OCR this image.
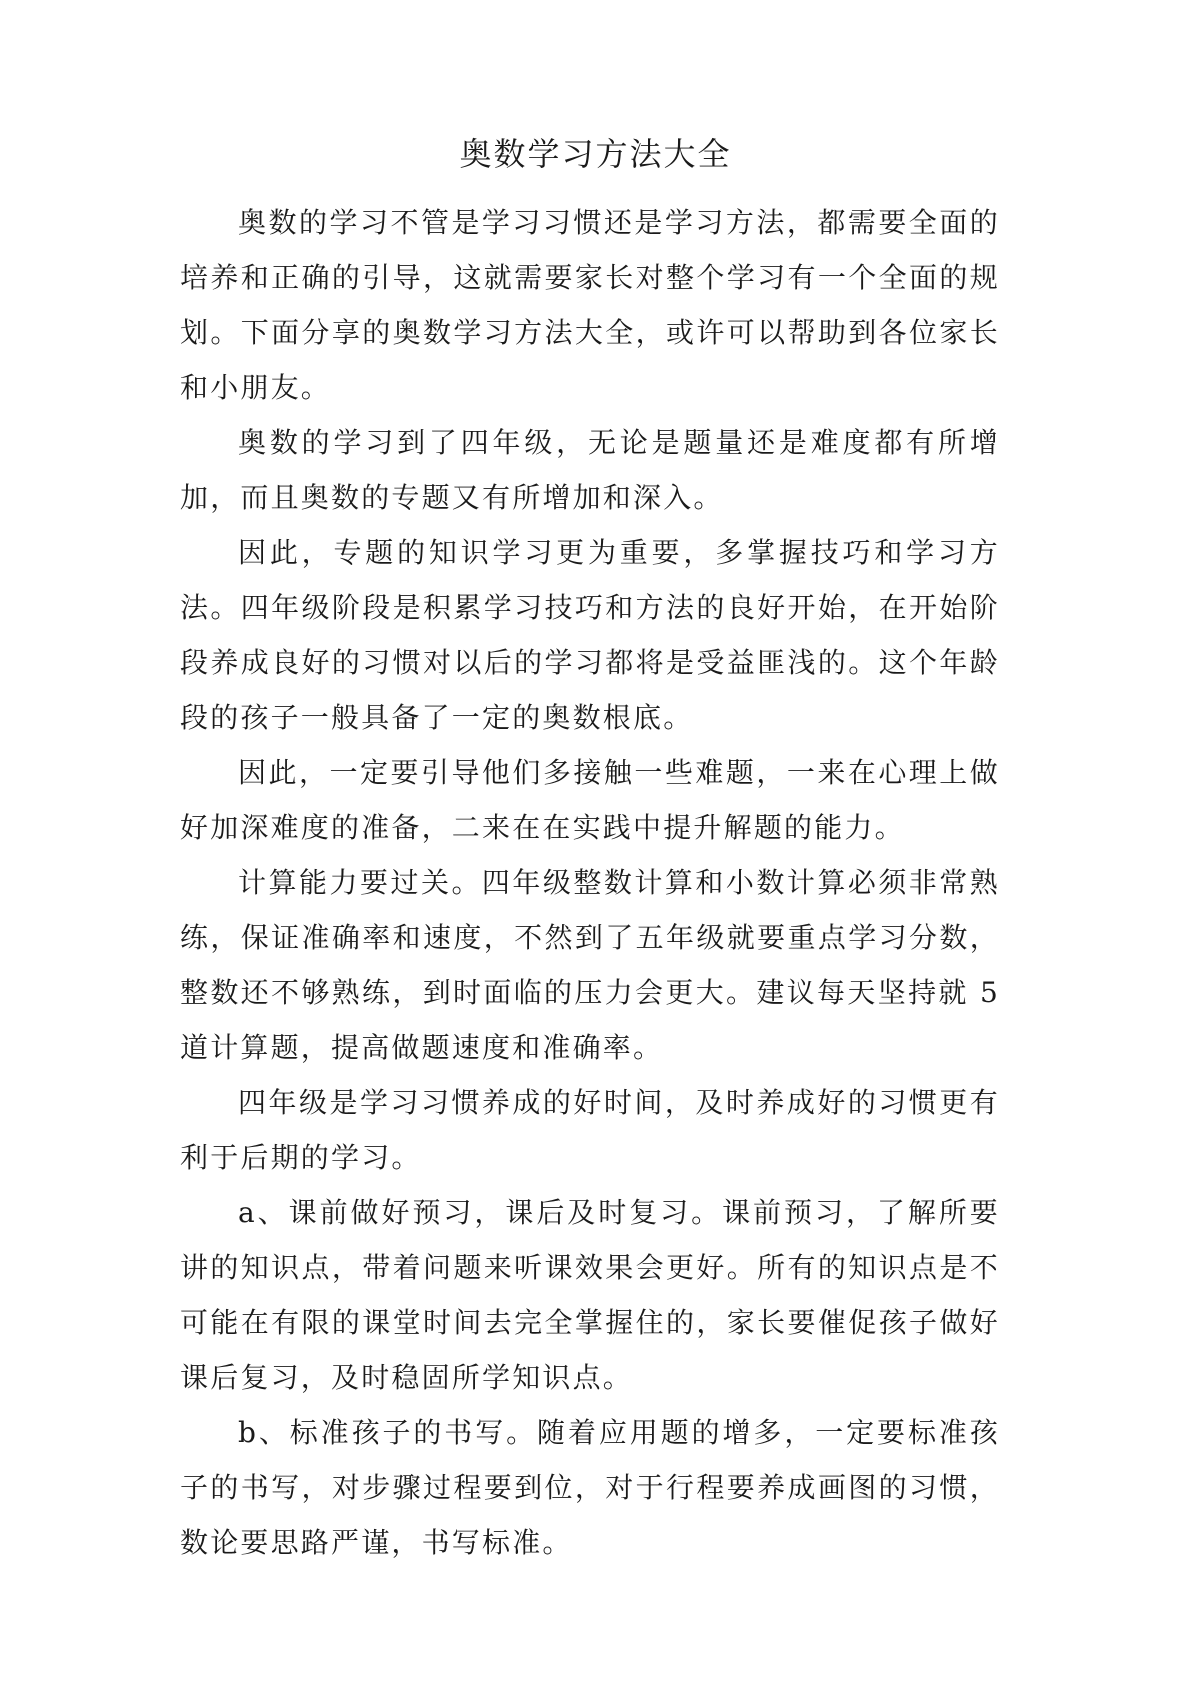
奥数学习方法大全

奥数的学习不管是学习习惯还是学习方法，都需要全面的培养和正确的引导，这就需要家长对整个学习有一个全面的规划。下面分享的奥数学习方法大全，或许可以帮助到各位家长和小朋友。

奥数的学习到了四年级，无论是题量还是难度都有所增加，而且奥数的专题又有所增加和深入。

因此，专题的知识学习更为重要，多掌握技巧和学习方法。四年级阶段是积累学习技巧和方法的良好开始，在开始阶段养成良好的习惯对以后的学习都将是受益匪浅的。这个年龄段的孩子一般具备了一定的奥数根底。

因此，一定要引导他们多接触一些难题，一来在心理上做好加深难度的准备，二来在在实践中提升解题的能力。

计算能力要过关。四年级整数计算和小数计算必须非常熟练，保证准确率和速度，不然到了五年级就要重点学习分数，整数还不够熟练，到时面临的压力会更大。建议每天坚持就 5 道计算题，提高做题速度和准确率。

四年级是学习习惯养成的好时间，及时养成好的习惯更有利于后期的学习。

a、课前做好预习，课后及时复习。课前预习，了解所要讲的知识点，带着问题来听课效果会更好。所有的知识点是不可能在有限的课堂时间去完全掌握住的，家长要催促孩子做好课后复习，及时稳固所学知识点。

b、标准孩子的书写。随着应用题的增多，一定要标准孩子的书写，对步骤过程要到位，对于行程要养成画图的习惯，数论要思路严谨，书写标准。
